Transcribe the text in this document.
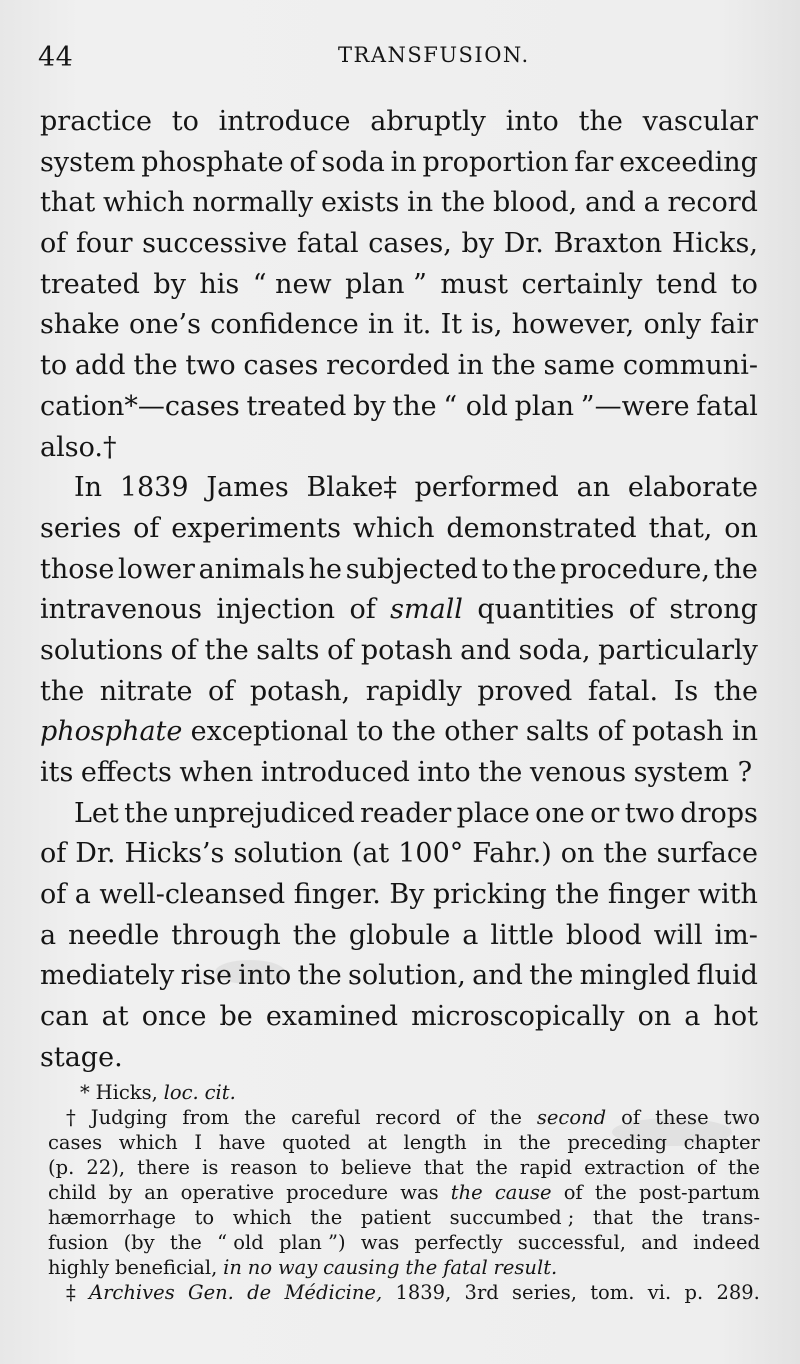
44	TRANSFUSION.
practice to introduce abruptly into the vascular
system phosphate of soda in proportion far exceeding
that which normally exists in the blood, and a record
of four successive fatal cases, by Dr. Braxton Hicks,
treated by his “ new plan ” must certainly tend to
shake one’s confidence in it. It is, however, only fair
to add the two cases recorded in the same communi-
cation*—cases treated by the “ old plan ”—were fatal
also.†
In 1839 James Blake‡ performed an elaborate
series of experiments which demonstrated that, on
those lower animals he subjected to the procedure, the
intravenous injection of small quantities of strong
solutions of the salts of potash and soda, particularly
the nitrate of potash, rapidly proved fatal. Is the
phosphate exceptional to the other salts of potash in
its effects when introduced into the venous system ?
Let the unprejudiced reader place one or two drops
of Dr. Hicks’s solution (at 100° Fahr.) on the surface
of a well-cleansed finger. By pricking the finger with
a needle through the globule a little blood will im-
mediately rise into the solution, and the mingled fluid
can at once be examined microscopically on a hot
stage.
* Hicks, loc. cit.
† Judging from the careful record of the second of these two
cases which I have quoted at length in the preceding chapter
(p. 22), there is reason to believe that the rapid extraction of the
child by an operative procedure was the cause of the post-partum
hæmorrhage to which the patient succumbed ; that the trans-
fusion (by the “ old plan ”) was perfectly successful, and indeed
highly beneficial, in no way causing the fatal result.
‡ Archives Gen. de Médicine, 1839, 3rd series, tom. vi. p. 289.
